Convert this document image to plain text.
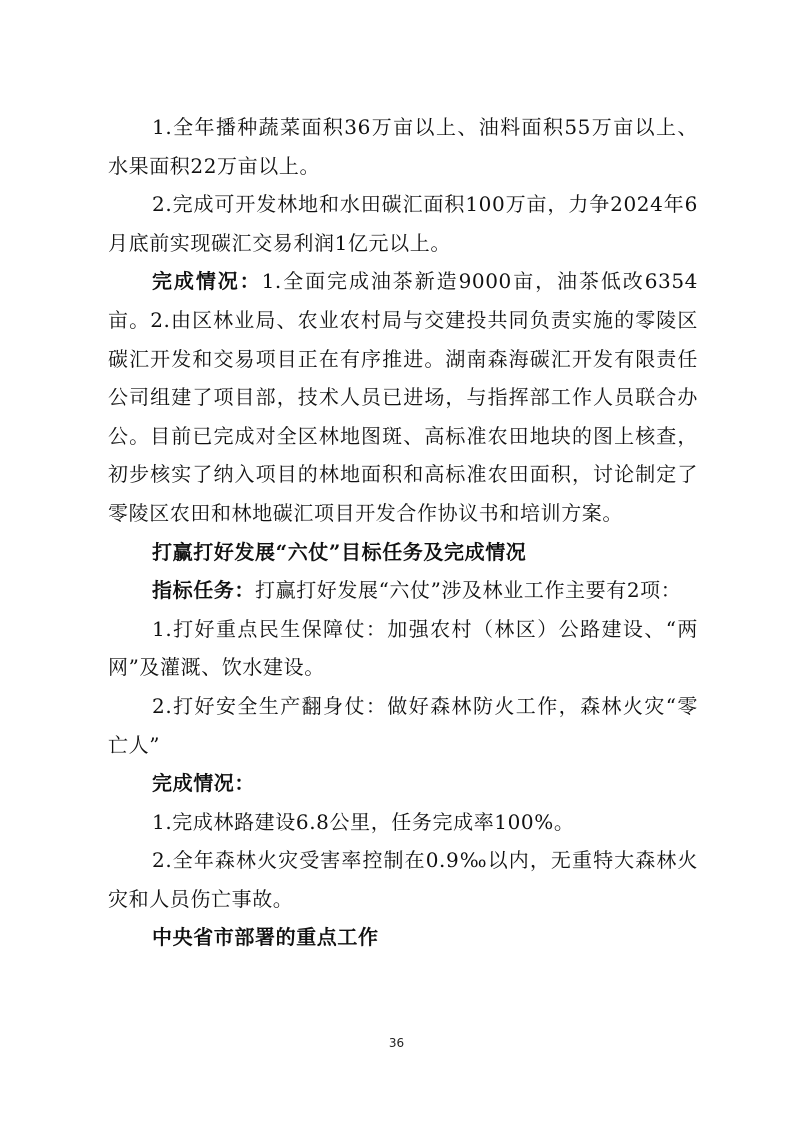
1.全年播种蔬菜面积36万亩以上、油料面积55万亩以上、水果面积22万亩以上。

2.完成可开发林地和水田碳汇面积100万亩，力争2024年6月底前实现碳汇交易利润1亿元以上。

完成情况：1.全面完成油茶新造9000亩，油茶低改6354亩。2.由区林业局、农业农村局与交建投共同负责实施的零陵区碳汇开发和交易项目正在有序推进。湖南森海碳汇开发有限责任公司组建了项目部，技术人员已进场，与指挥部工作人员联合办公。目前已完成对全区林地图斑、高标准农田地块的图上核查，初步核实了纳入项目的林地面积和高标准农田面积，讨论制定了零陵区农田和林地碳汇项目开发合作协议书和培训方案。

打赢打好发展“六仗”目标任务及完成情况

指标任务：打赢打好发展“六仗”涉及林业工作主要有2项：

1.打好重点民生保障仗：加强农村（林区）公路建设、“两网”及灌溉、饮水建设。

2.打好安全生产翻身仗：做好森林防火工作，森林火灾“零亡人”

完成情况：

1.完成林路建设6.8公里，任务完成率100%。

2.全年森林火灾受害率控制在0.9‰以内，无重特大森林火灾和人员伤亡事故。

中央省市部署的重点工作

36
